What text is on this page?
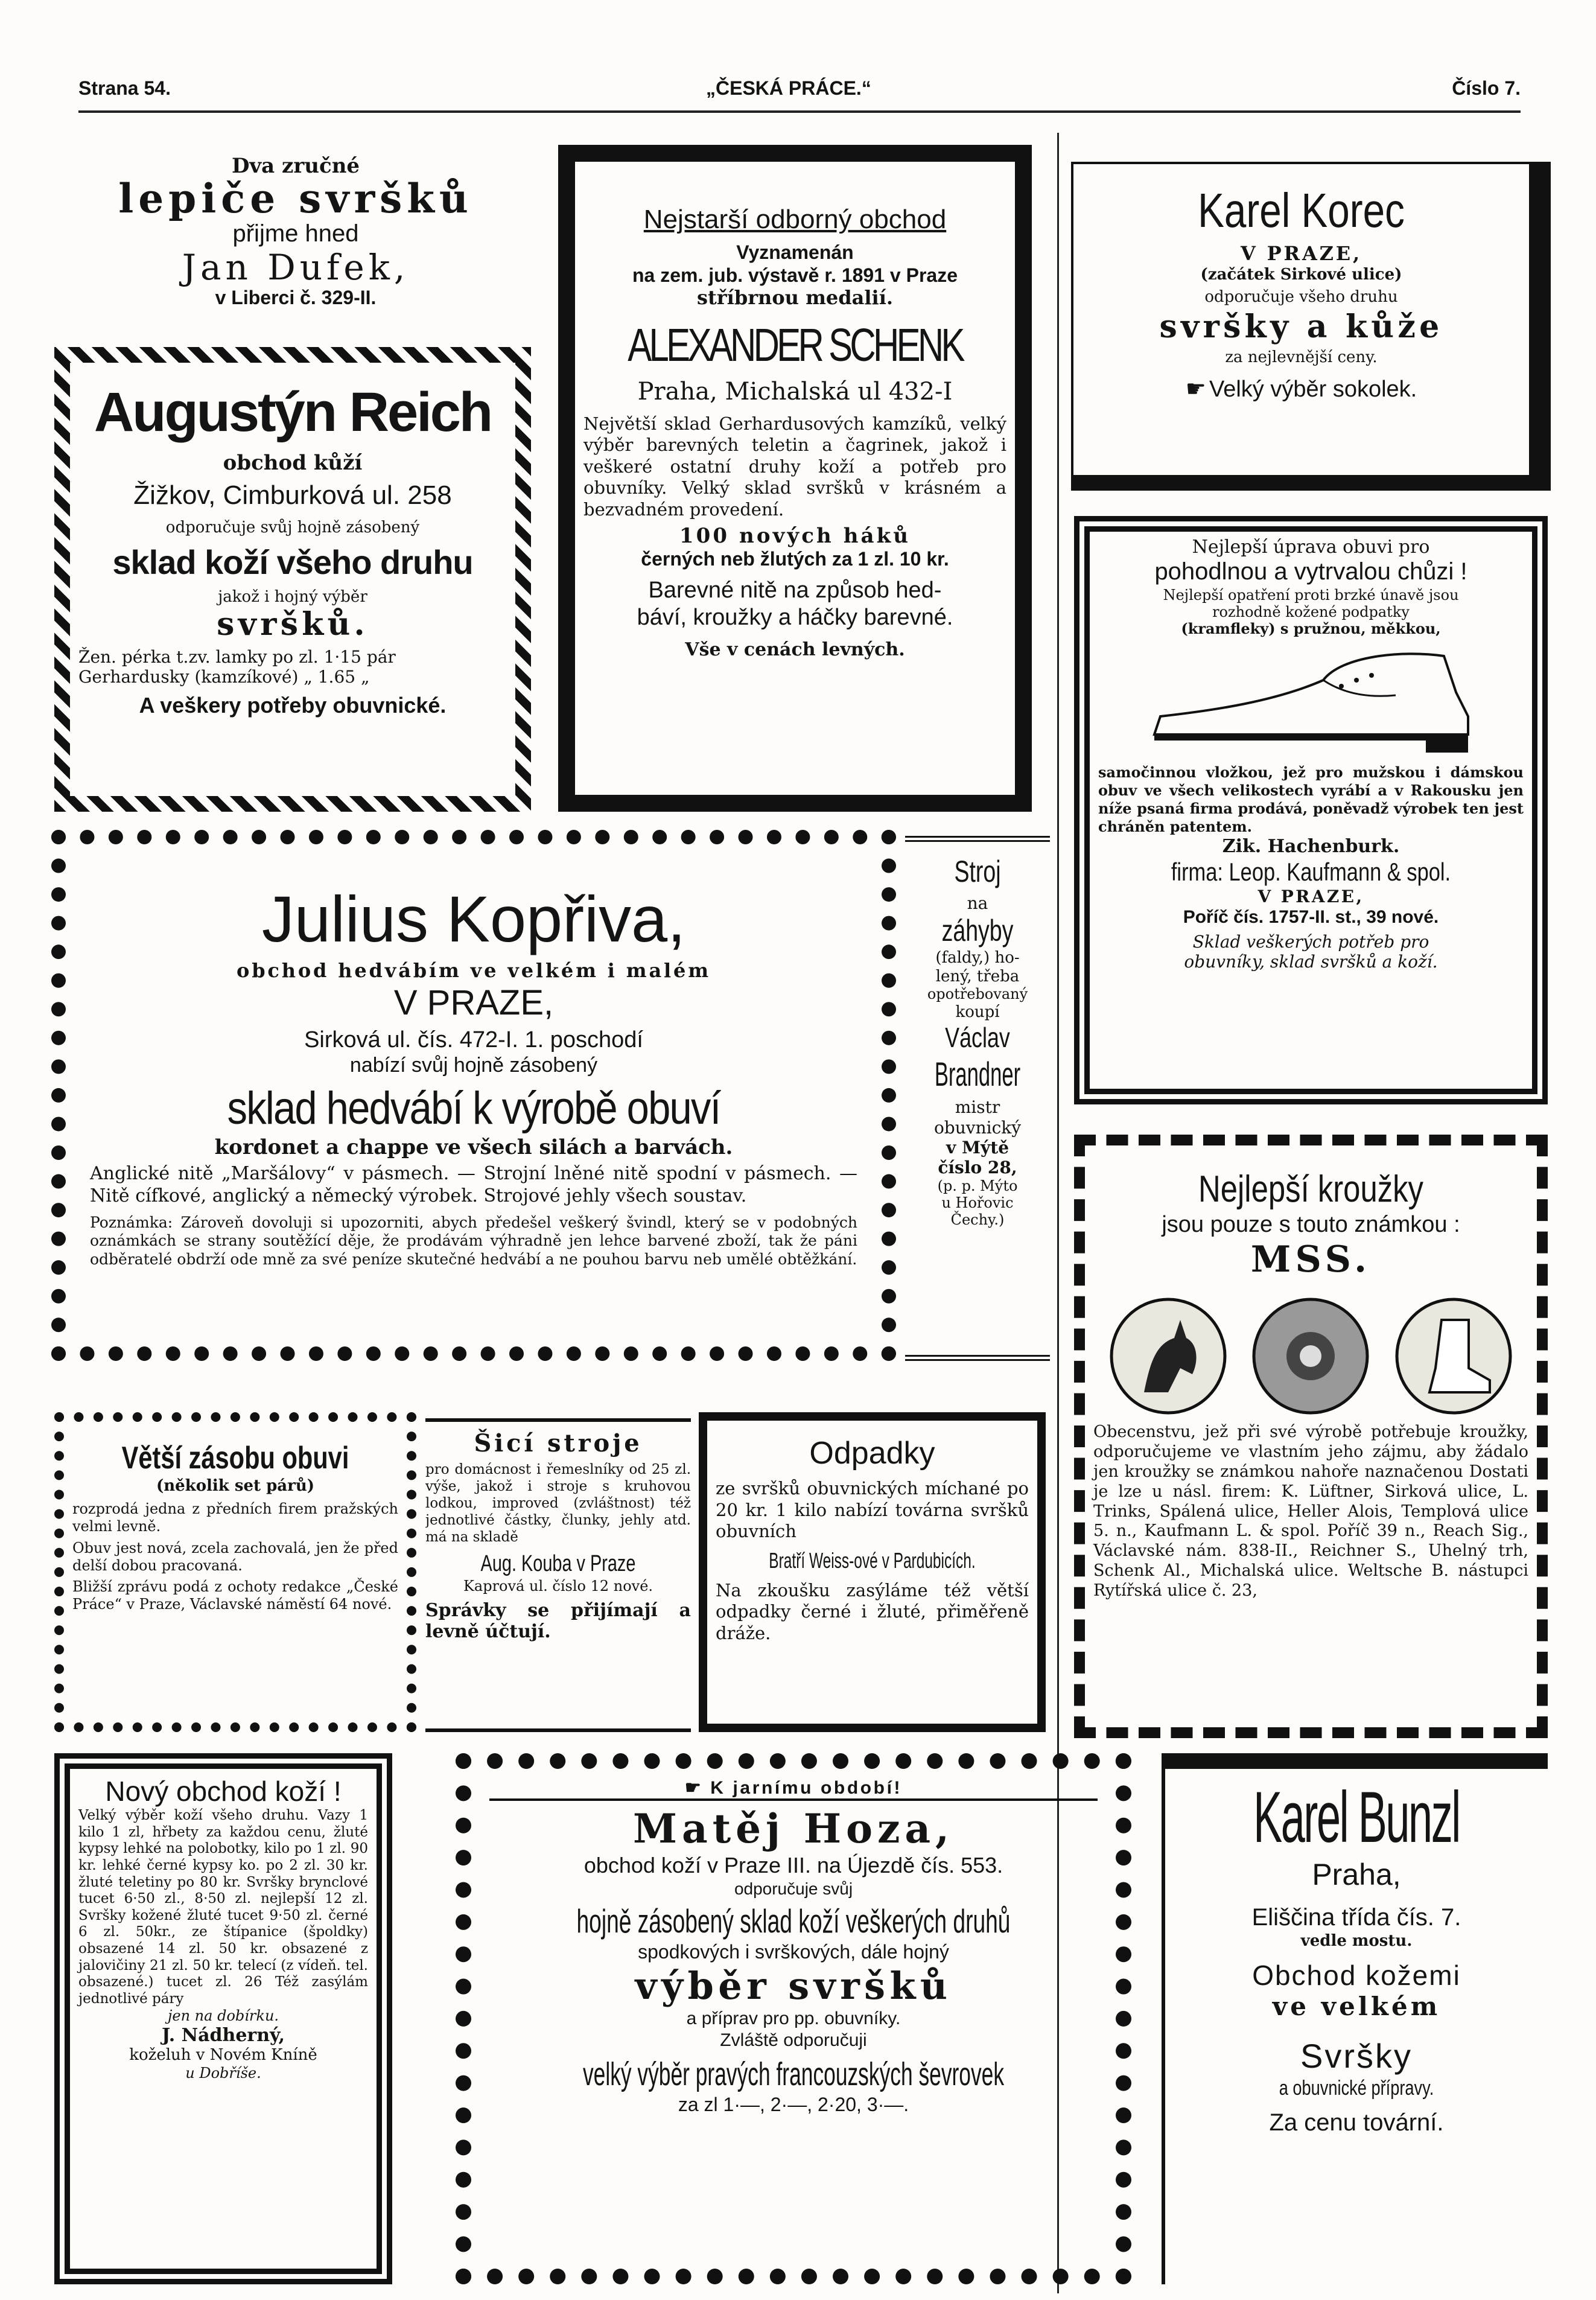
Strana 54.	„ČESKÁ PRÁCE.“	Číslo 7.
Dva zručné
lepiče svršků
přijme hned
Jan Dufek,
v Liberci č. 329-II.
Augustýn Reich
obchod kůží
Žižkov, Cimburková ul. 258
odporučuje svůj hojně zásobený
sklad koží všeho druhu
jakož i hojný výběr
svršků.
Žen. pérka t.zv. lamky po zl. 1·15 pár
Gerhardusky (kamzíkové) „ 1.65 „
A veškery potřeby obuvnické.
Nejstarší odborný obchod
Vyznamenán
na zem. jub. výstavě r. 1891 v Praze
stříbrnou medalií.
ALEXANDER SCHENK
Praha, Michalská ul 432-I
Největší sklad Gerhardusových kamzíků, velký výběr barevných teletin a čagrinek, jakož i veškeré ostatní druhy koží a potřeb pro obuvníky. Velký sklad svršků v krásném a bezvadném provedení.
100 nových háků
černých neb žlutých za 1 zl. 10 kr.
Barevné nitě na způsob hed-
báví, kroužky a háčky barevné.
Vše v cenách levných.
Karel Korec
V PRAZE,
(začátek Sirkové ulice)
odporučuje všeho druhu
svršky a kůže
za nejlevnější ceny.
☛ Velký výběr sokolek.
Nejlepší úprava obuvi pro
pohodlnou a vytrvalou chůzi !
Nejlepší opatření proti brzké únavě jsou
rozhodně kožené podpatky
(kramfleky) s pružnou, měkkou,
samočinnou vložkou, jež pro mužskou i dámskou obuv ve všech velikostech vyrábí a v Rakousku jen níže psaná firma prodává, poněvadž výrobek ten jest chráněn patentem.
Zik. Hachenburk.
firma: Leop. Kaufmann & spol.
V PRAZE,
Poříč čís. 1757-II. st., 39 nové.
Sklad veškerých potřeb pro
obuvníky, sklad svršků a koží.
Julius Kopřiva,
obchod hedvábím ve velkém i malém
V PRAZE,
Sirková ul. čís. 472-I. 1. poschodí
nabízí svůj hojně zásobený
sklad hedvábí k výrobě obuví
kordonet a chappe ve všech silách a barvách.
Anglické nitě „Maršálovy“ v pásmech. — Strojní lněné nitě spodní v pásmech. — Nitě cífkové, anglický a německý výrobek. Strojové jehly všech soustav.
Poznámka: Zároveň dovoluji si upozorniti, abych předešel veškerý švindl, který se v podobných oznámkách se strany soutěžící děje, že prodávám výhradně jen lehce barvené zboží, tak že páni odběratelé obdrží ode mně za své peníze skutečné hedvábí a ne pouhou barvu neb umělé obtěžkání.
Stroj
na
záhyby
(faldy,) ho-
lený, třeba
opotřebovaný
koupí
Václav
Brandner
mistr
obuvnický
v Mýtě
číslo 28,
(p. p. Mýto
u Hořovic
Čechy.)
Nejlepší kroužky
jsou pouze s touto známkou :
MSS.
Obecenstvu, jež při své výrobě potřebuje kroužky, odporučujeme ve vlastním jeho zájmu, aby žádalo jen kroužky se známkou nahoře naznačenou Dostati je lze u násl. firem: K. Lüftner, Sirková ulice, L. Trinks, Spálená ulice, Heller Alois, Templová ulice 5. n., Kaufmann L. & spol. Poříč 39 n., Reach Sig., Václavské nám. 838-II., Reichner S., Uhelný trh, Schenk Al., Michalská ulice. Weltsche B. nástupci Rytířská ulice č. 23,
Větší zásobu obuvi
(několik set párů)
rozprodá jedna z předních firem pražských velmi levně.
Obuv jest nová, zcela zachovalá, jen že před delší dobou pracovaná.
Bližší zprávu podá z ochoty redakce „České Práce“ v Praze, Václavské náměstí 64 nové.
Šicí stroje
pro domácnost i řemeslníky od 25 zl. výše, jakož i stroje s kruhovou lodkou, improved (zvláštnost) též jednotlivé částky, člunky, jehly atd. má na skladě
Aug. Kouba v Praze
Kaprová ul. číslo 12 nové.
Správky se přijímají a levně účtují.
Odpadky
ze svršků obuvnických míchané po 20 kr. 1 kilo nabízí továrna svršků obuvních
Bratří Weiss-ové v Pardubicích.
Na zkoušku zasýláme též větší odpadky černé i žluté, přiměřeně dráže.
Nový obchod koží !
Velký výběr koží všeho druhu. Vazy 1 kilo 1 zl, hřbety za každou cenu, žluté kypsy lehké na polobotky, kilo po 1 zl. 90 kr. lehké černé kypsy ko. po 2 zl. 30 kr. žluté teletiny po 80 kr. Svršky brynclové tucet 6·50 zl., 8·50 zl. nejlepší 12 zl. Svršky kožené žluté tucet 9·50 zl. černé 6 zl. 50kr., ze štípanice (špoldky) obsazené 14 zl. 50 kr. obsazené z jalovičiny 21 zl. 50 kr. telecí (z vídeň. tel. obsazené.) tucet zl. 26 Též zasýlám jednotlivé páry
jen na dobírku.
J. Nádherný,
koželuh v Novém Kníně
u Dobříše.
☛ K jarnímu období!
Matěj Hoza,
obchod koží v Praze III. na Újezdě čís. 553.
odporučuje svůj
hojně zásobený sklad koží veškerých druhů
spodkových i svrškových, dále hojný
výběr svršků
a příprav pro pp. obuvníky.
Zvláště odporučuji
velký výběr pravých francouzských ševrovek
za zl 1·—, 2·—, 2·20, 3·—.
Karel Bunzl
Praha,
Eliščina třída čís. 7.
vedle mostu.
Obchod kožemi
ve velkém
Svršky
a obuvnické přípravy.
Za cenu tovární.
